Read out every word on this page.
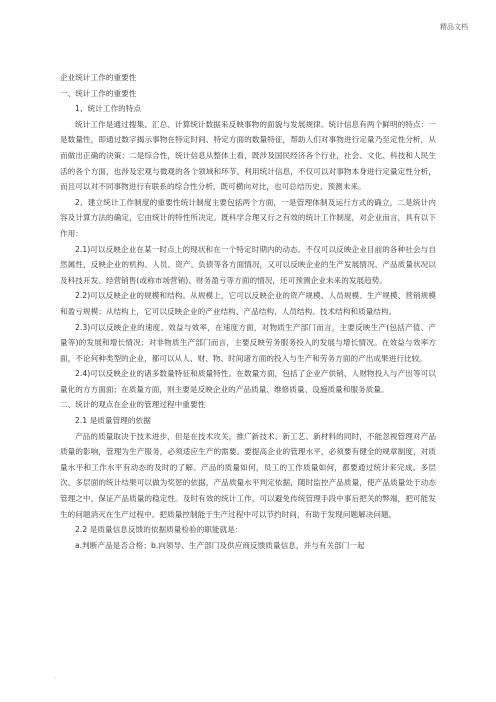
精品文档

企业统计工作的重要性

一、统计工作的重要性

1、统计工作的特点

统计工作是通过搜集、汇总、计算统计数据来反映事物的面貌与发展规律。统计信息有两个鲜明的特点：一是数量性，即通过数字揭示事物在特定时间、特定方面的数量特征，帮助人们对事物进行定量乃至定性分析，从而做出正确的决策；二是综合性，统计信息从整体上看，既涉及国民经济各个行业，社会、文化、科技和人民生活的各个方面，也涉及宏观与微观的各个领域和环节。利用统计信息，不仅可以对事物本身进行定量定性分析，而且可以对不同事物进行有联系的综合性分析，既可横向对比，也可总结历史、预测未来。

2、建立统计工作制度的重要性统计制度主要包括两个方面，一是管理体制及运行方式的确立，二是统计内容及计算方法的确定，它由统计的特性所决定。既科学合理又行之有效的统计工作制度，对企业而言，具有以下作用：

2.1)可以反映企业在某一时点上的现状和在一个特定时期内的动态。不仅可以反映企业目前的各种社会与自然属性，反映企业的机构、人员、资产、负债等各方面情况，又可以反映企业的生产发展情况、产品质量状况以及科技开发、经营销售(或称市场营销)、财务盈亏等方面的情况，还可预测企业未来的发展趋势。

2.2)可以反映企业的规模和结构。从规模上，它可以反映企业的资产规模、人员规模、生产规模、营销规模和盈亏规模；从结构上，它可以反映企业的产业结构、产品结构、人员结构、技术结构和质量结构。

2.3)可以反映企业的速度、效益与效率，在速度方面，对物质生产部门而言，主要反映生产(包括产值、产量等)的发展和增长情况；对非物质生产部门而言，主要反映劳务服务投入的发展与增长情况。在效益与效率方面，不论何种类型的企业，都可以从人、财、物、时间诸方面的投入与生产和劳务方面的产出成果进行比较。

2.4)可以反映企业的诸多数量特征和质量特性。在数量方面，包括了企业产供销、人财物投入与产出等可以量化的方方面面；在质量方面，则主要是反映企业的产品质量、维修质量、设施质量和服务质量。

二、统计的观点在企业的管理过程中重要性

2.1 是质量管理的依据

产品的质量取决于技术进步，但是在技术攻关，推广新技术、新工艺、新材料的同时，不能忽视管理对产品质量的影响，管理为生产服务，必须适应生产的需要。要提高企业的管理水平，必须要有健全的规章制度，对质量水平和工作水平有动态的及时的了解。产品的质量如何，员工的工作质量如何，都要通过统计来完成。多层次、多层面的统计结果可以做为奖惩的依据，产品质量水平判定依据，随时监控产品质量，使产品质量处于动态管理之中，保证产品质量的稳定性。及时有效的统计工作，可以避免传统管理手段中事后把关的弊端，把可能发生的问题消灭在生产过程中。把质量控制能于生产过程中可以节约时间，有助于发现问题解决问题。

2.2 是质量信息反馈的依据质量检验的职能就是：

a.判断产品是否合格；b.向领导、生产部门及供应商反馈质量信息，并与有关部门一起

.
